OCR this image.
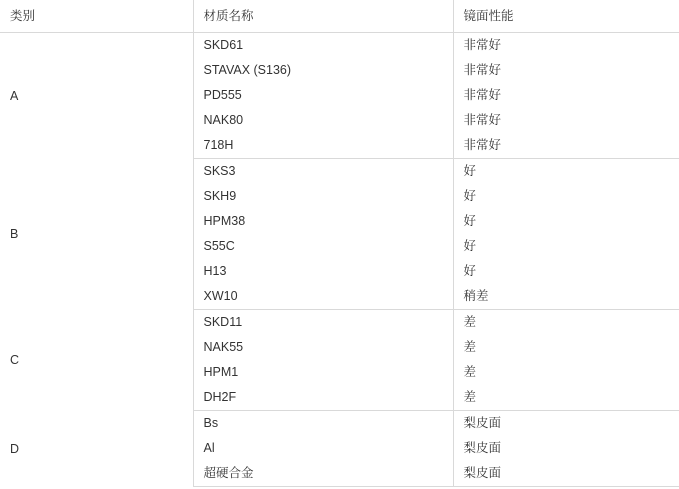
类别	材质名称	镜面性能

A	SKD61	非常好

	STAVAX (S136)	非常好

	PD555	非常好

	NAK80	非常好

	718H	非常好

B	SKS3	好

	SKH9	好

	HPM38	好

	S55C	好

	H13	好

	XW10	稍差

C	SKD11	差

	NAK55	差

	HPM1	差

	DH2F	差

D	Bs	梨皮面

	Al	梨皮面

	超硬合金	梨皮面
